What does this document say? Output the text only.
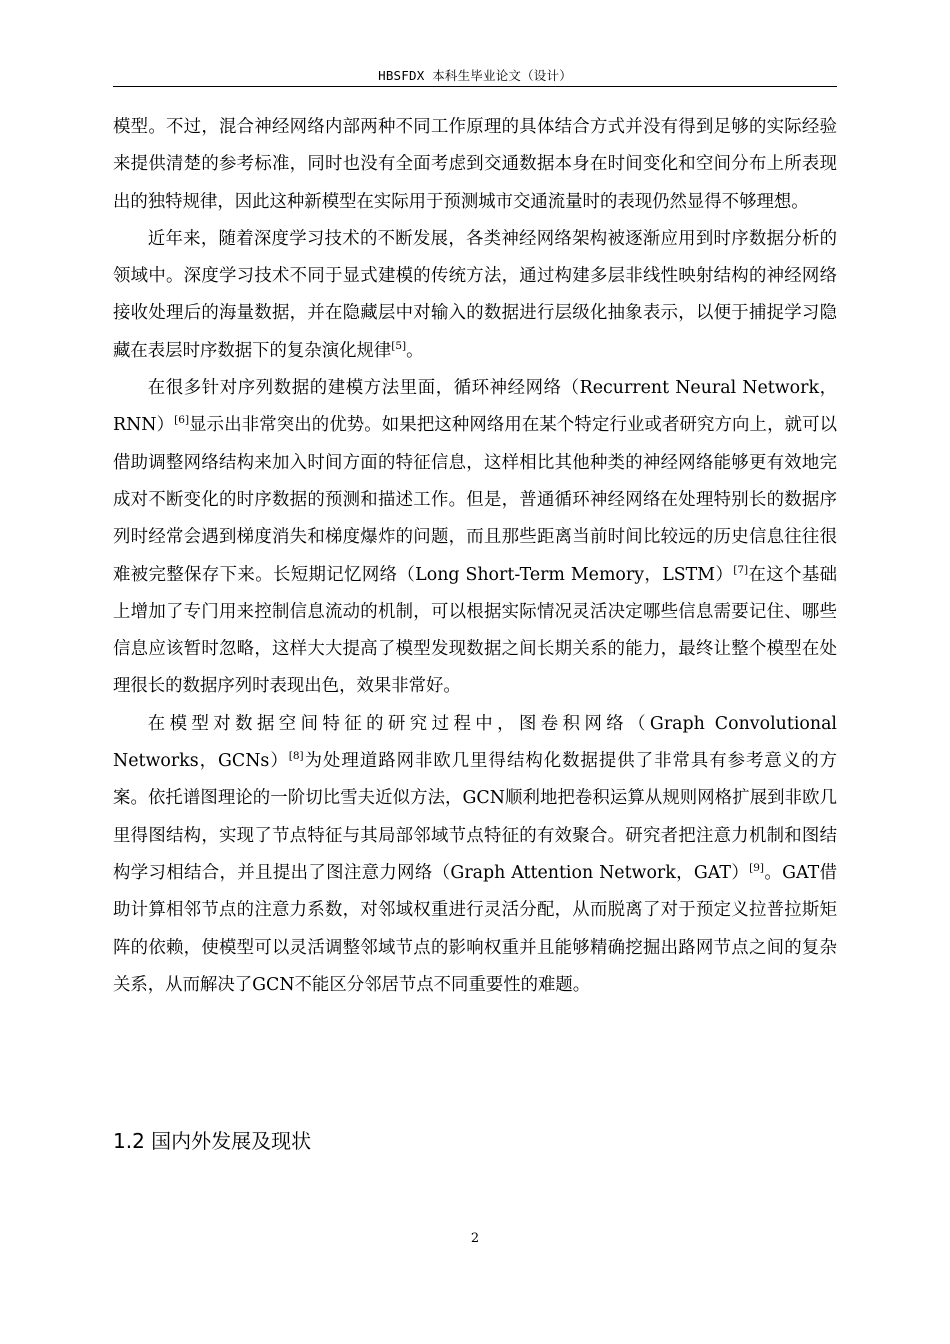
HBSFDX 本科生毕业论文（设计）

模型。不过，混合神经网络内部两种不同工作原理的具体结合方式并没有得到足够的实际经验来提供清楚的参考标准，同时也没有全面考虑到交通数据本身在时间变化和空间分布上所表现出的独特规律，因此这种新模型在实际用于预测城市交通流量时的表现仍然显得不够理想。

近年来，随着深度学习技术的不断发展，各类神经网络架构被逐渐应用到时序数据分析的领域中。深度学习技术不同于显式建模的传统方法，通过构建多层非线性映射结构的神经网络接收处理后的海量数据，并在隐藏层中对输入的数据进行层级化抽象表示，以便于捕捉学习隐藏在表层时序数据下的复杂演化规律[5]。

在很多针对序列数据的建模方法里面，循环神经网络（Recurrent Neural Network，RNN）[6]显示出非常突出的优势。如果把这种网络用在某个特定行业或者研究方向上，就可以借助调整网络结构来加入时间方面的特征信息，这样相比其他种类的神经网络能够更有效地完成对不断变化的时序数据的预测和描述工作。但是，普通循环神经网络在处理特别长的数据序列时经常会遇到梯度消失和梯度爆炸的问题，而且那些距离当前时间比较远的历史信息往往很难被完整保存下来。长短期记忆网络（Long Short-Term Memory，LSTM）[7]在这个基础上增加了专门用来控制信息流动的机制，可以根据实际情况灵活决定哪些信息需要记住、哪些信息应该暂时忽略，这样大大提高了模型发现数据之间长期关系的能力，最终让整个模型在处理很长的数据序列时表现出色，效果非常好。

在模型对数据空间特征的研究过程中，图卷积网络（Graph Convolutional Networks，GCNs）[8]为处理道路网非欧几里得结构化数据提供了非常具有参考意义的方案。依托谱图理论的一阶切比雪夫近似方法，GCN顺利地把卷积运算从规则网格扩展到非欧几里得图结构，实现了节点特征与其局部邻域节点特征的有效聚合。研究者把注意力机制和图结构学习相结合，并且提出了图注意力网络（Graph Attention Network，GAT）[9]。GAT借助计算相邻节点的注意力系数，对邻域权重进行灵活分配，从而脱离了对于预定义拉普拉斯矩阵的依赖，使模型可以灵活调整邻域节点的影响权重并且能够精确挖掘出路网节点之间的复杂关系，从而解决了GCN不能区分邻居节点不同重要性的难题。

1.2 国内外发展及现状
2
